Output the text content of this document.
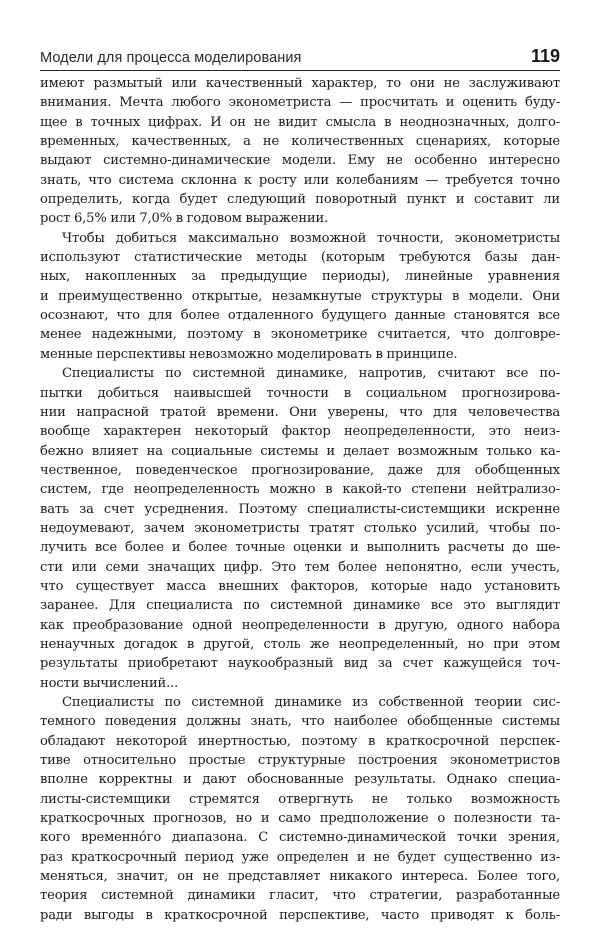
Модели для процесса моделирования	119
имеют размытый или качественный характер, то они не заслуживают
внимания. Мечта любого эконометриста — просчитать и оценить буду-
щее в точных цифрах. И он не видит смысла в неоднозначных, долго-
временных, качественных, а не количественных сценариях, которые
выдают системно-динамические модели. Ему не особенно интересно
знать, что система склонна к росту или колебаниям — требуется точно
определить, когда будет следующий поворотный пункт и составит ли
рост 6,5% или 7,0% в годовом выражении.
Чтобы добиться максимально возможной точности, эконометристы
используют статистические методы (которым требуются базы дан-
ных, накопленных за предыдущие периоды), линейные уравнения
и преимущественно открытые, незамкнутые структуры в модели. Они
осознают, что для более отдаленного будущего данные становятся все
менее надежными, поэтому в эконометрике считается, что долговре-
менные перспективы невозможно моделировать в принципе.
Специалисты по системной динамике, напротив, считают все по-
пытки добиться наивысшей точности в социальном прогнозирова-
нии напрасной тратой времени. Они уверены, что для человечества
вообще характерен некоторый фактор неопределенности, это неиз-
бежно влияет на социальные системы и делает возможным только ка-
чественное, поведенческое прогнозирование, даже для обобщенных
систем, где неопределенность можно в какой-то степени нейтрализо-
вать за счет усреднения. Поэтому специалисты-системщики искренне
недоумевают, зачем эконометристы тратят столько усилий, чтобы по-
лучить все более и более точные оценки и выполнить расчеты до ше-
сти или семи значащих цифр. Это тем более непонятно, если учесть,
что существует масса внешних факторов, которые надо установить
заранее. Для специалиста по системной динамике все это выглядит
как преобразование одной неопределенности в другую, одного набора
ненаучных догадок в другой, столь же неопределенный, но при этом
результаты приобретают наукообразный вид за счет кажущейся точ-
ности вычислений...
Специалисты по системной динамике из собственной теории сис-
темного поведения должны знать, что наиболее обобщенные системы
обладают некоторой инертностью, поэтому в краткосрочной перспек-
тиве относительно простые структурные построения эконометристов
вполне корректны и дают обоснованные результаты. Однако специа-
листы-системщики стремятся отвергнуть не только возможность
краткосрочных прогнозов, но и само предположение о полезности та-
кого временно́го диапазона. С системно-динамической точки зрения,
раз краткосрочный период уже определен и не будет существенно из-
меняться, значит, он не представляет никакого интереса. Более того,
теория системной динамики гласит, что стратегии, разработанные
ради выгоды в краткосрочной перспективе, часто приводят к боль-
